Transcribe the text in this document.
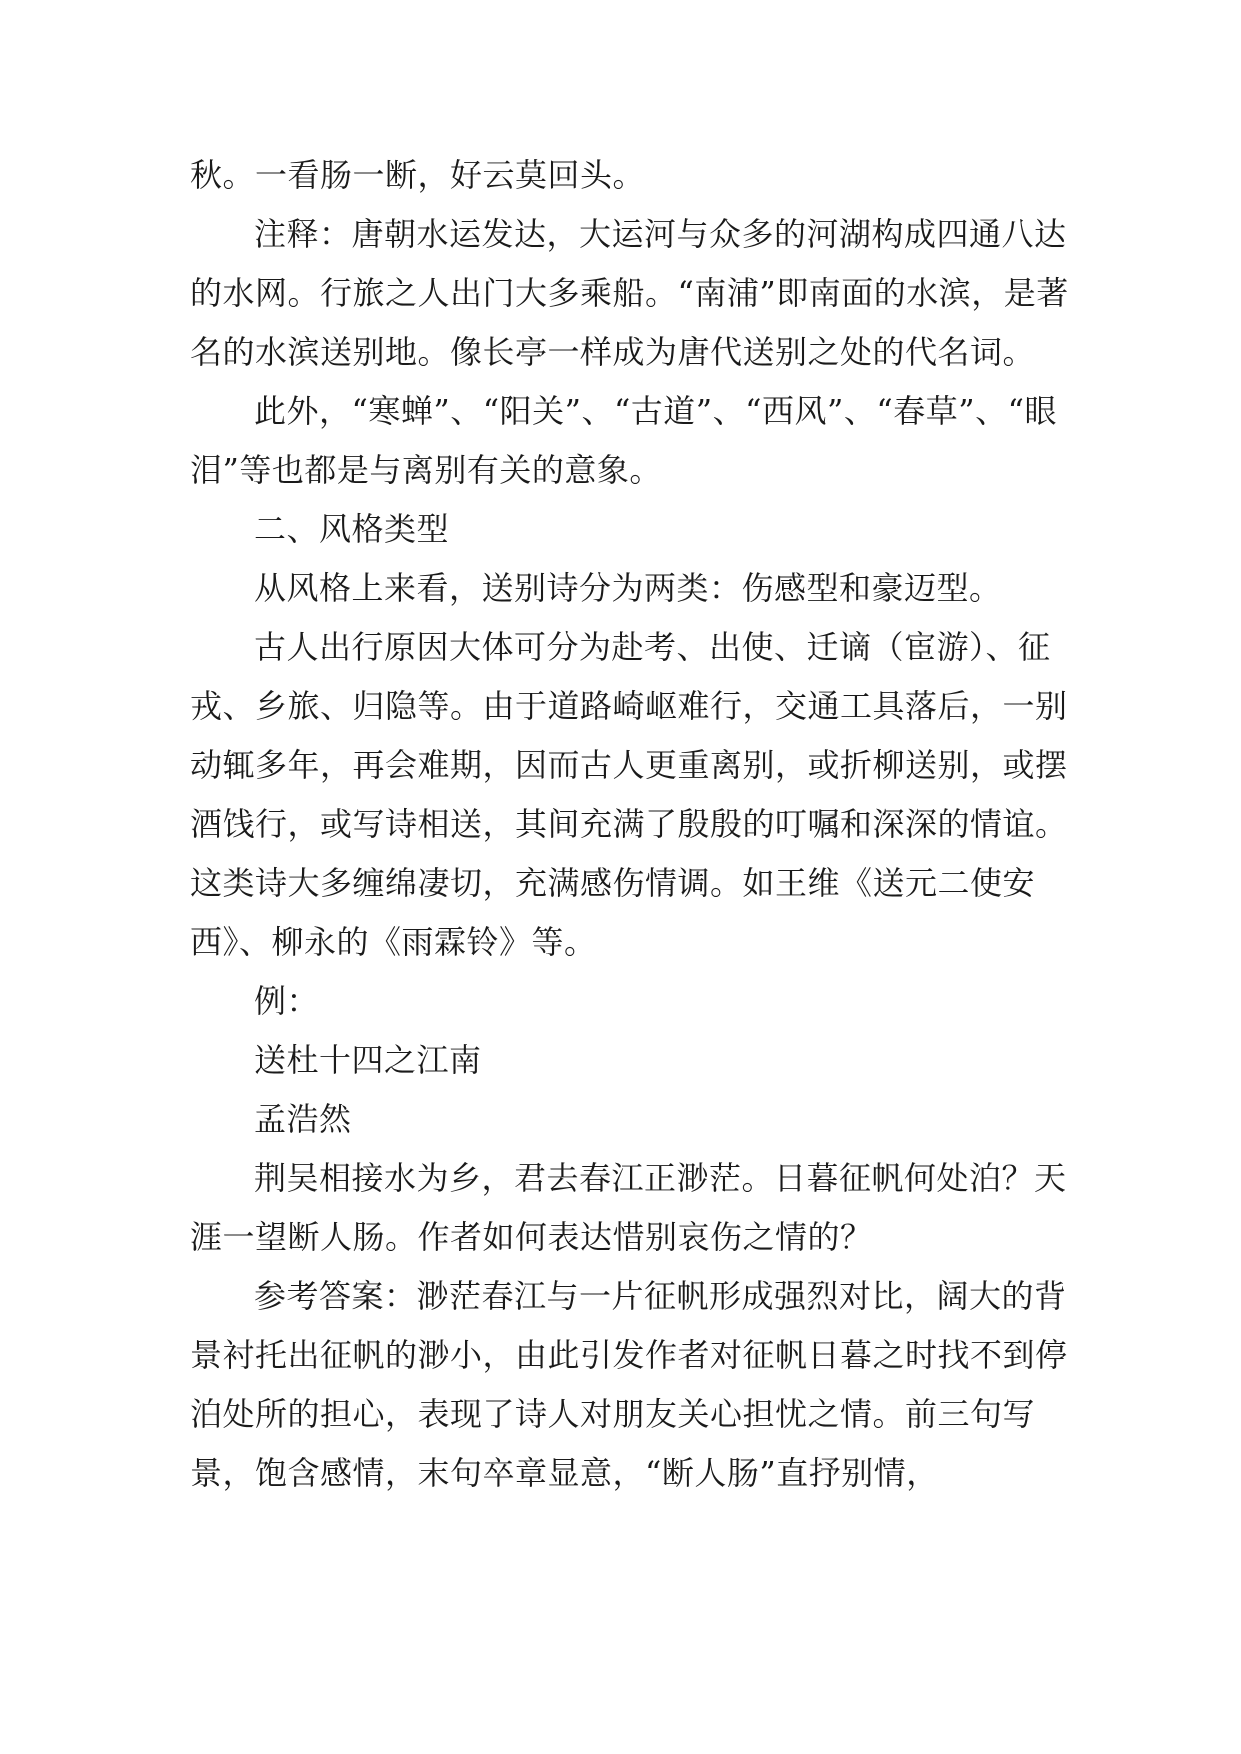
秋。一看肠一断，好云莫回头。

注释：唐朝水运发达，大运河与众多的河湖构成四通八达的水网。行旅之人出门大多乘船。“南浦”即南面的水滨，是著名的水滨送别地。像长亭一样成为唐代送别之处的代名词。

此外，“寒蝉”、“阳关”、“古道”、“西风”、“春草”、“眼泪”等也都是与离别有关的意象。

二、风格类型

从风格上来看，送别诗分为两类：伤感型和豪迈型。

古人出行原因大体可分为赴考、出使、迁谪（宦游）、征戎、乡旅、归隐等。由于道路崎岖难行，交通工具落后，一别动辄多年，再会难期，因而古人更重离别，或折柳送别，或摆酒饯行，或写诗相送，其间充满了殷殷的叮嘱和深深的情谊。这类诗大多缠绵凄切，充满感伤情调。如王维《送元二使安西》、柳永的《雨霖铃》等。

例：

送杜十四之江南

孟浩然

荆吴相接水为乡，君去春江正渺茫。日暮征帆何处泊？天涯一望断人肠。作者如何表达惜别哀伤之情的？

参考答案：渺茫春江与一片征帆形成强烈对比，阔大的背景衬托出征帆的渺小，由此引发作者对征帆日暮之时找不到停泊处所的担心，表现了诗人对朋友关心担忧之情。前三句写景，饱含感情，末句卒章显意，“断人肠”直抒别情，
